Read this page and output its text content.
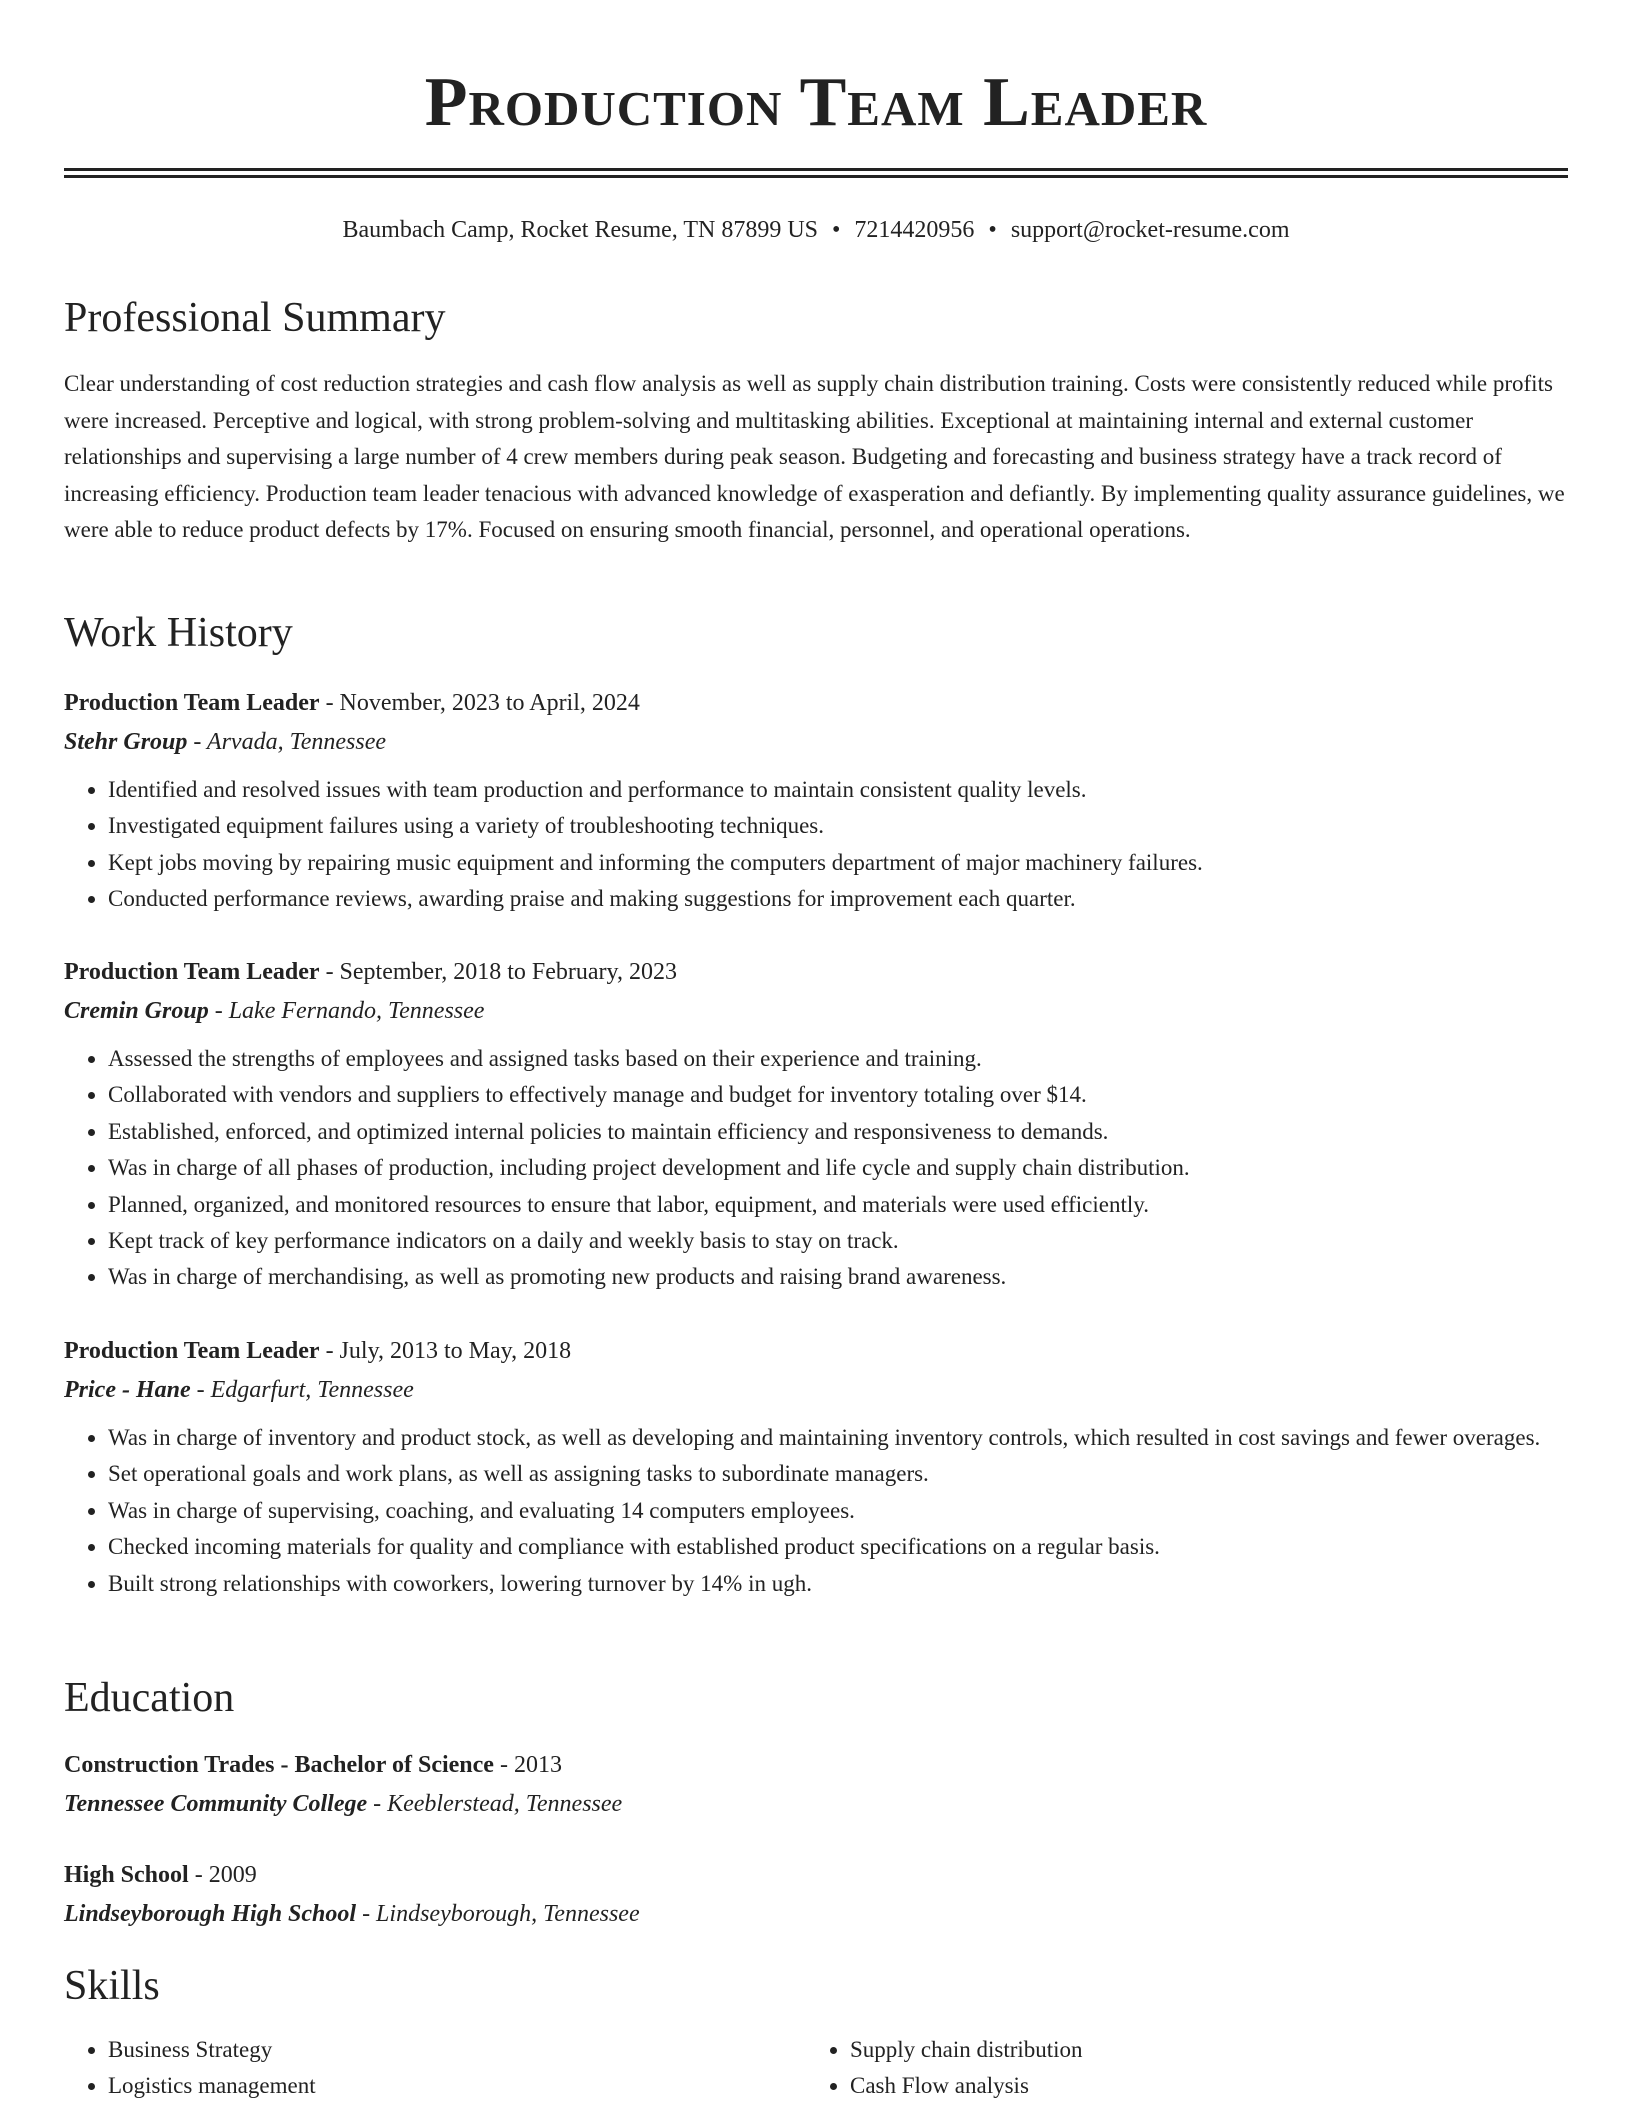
Production Team Leader
Baumbach Camp, Rocket Resume, TN 87899 US • 7214420956 • support@rocket-resume.com
Professional Summary

Clear understanding of cost reduction strategies and cash flow analysis as well as supply chain distribution training. Costs were consistently reduced while profits were increased. Perceptive and logical, with strong problem-solving and multitasking abilities. Exceptional at maintaining internal and external customer relationships and supervising a large number of 4 crew members during peak season. Budgeting and forecasting and business strategy have a track record of increasing efficiency. Production team leader tenacious with advanced knowledge of exasperation and defiantly. By implementing quality assurance guidelines, we were able to reduce product defects by 17%. Focused on ensuring smooth financial, personnel, and operational operations.

Work History

Production Team Leader - November, 2023 to April, 2024

Stehr Group - Arvada, Tennessee

• Identified and resolved issues with team production and performance to maintain consistent quality levels.
• Investigated equipment failures using a variety of troubleshooting techniques.
• Kept jobs moving by repairing music equipment and informing the computers department of major machinery failures.
• Conducted performance reviews, awarding praise and making suggestions for improvement each quarter.

Production Team Leader - September, 2018 to February, 2023

Cremin Group - Lake Fernando, Tennessee

• Assessed the strengths of employees and assigned tasks based on their experience and training.
• Collaborated with vendors and suppliers to effectively manage and budget for inventory totaling over $14.
• Established, enforced, and optimized internal policies to maintain efficiency and responsiveness to demands.
• Was in charge of all phases of production, including project development and life cycle and supply chain distribution.
• Planned, organized, and monitored resources to ensure that labor, equipment, and materials were used efficiently.
• Kept track of key performance indicators on a daily and weekly basis to stay on track.
• Was in charge of merchandising, as well as promoting new products and raising brand awareness.

Production Team Leader - July, 2013 to May, 2018

Price - Hane - Edgarfurt, Tennessee

• Was in charge of inventory and product stock, as well as developing and maintaining inventory controls, which resulted in cost savings and fewer overages.
• Set operational goals and work plans, as well as assigning tasks to subordinate managers.
• Was in charge of supervising, coaching, and evaluating 14 computers employees.
• Checked incoming materials for quality and compliance with established product specifications on a regular basis.
• Built strong relationships with coworkers, lowering turnover by 14% in ugh.
Education

Construction Trades - Bachelor of Science - 2013

Tennessee Community College - Keeblerstead, Tennessee

High School - 2009

Lindseyborough High School - Lindseyborough, Tennessee

Skills
• Business Strategy
• Logistics management
• Supply chain distribution
• Cash Flow analysis
